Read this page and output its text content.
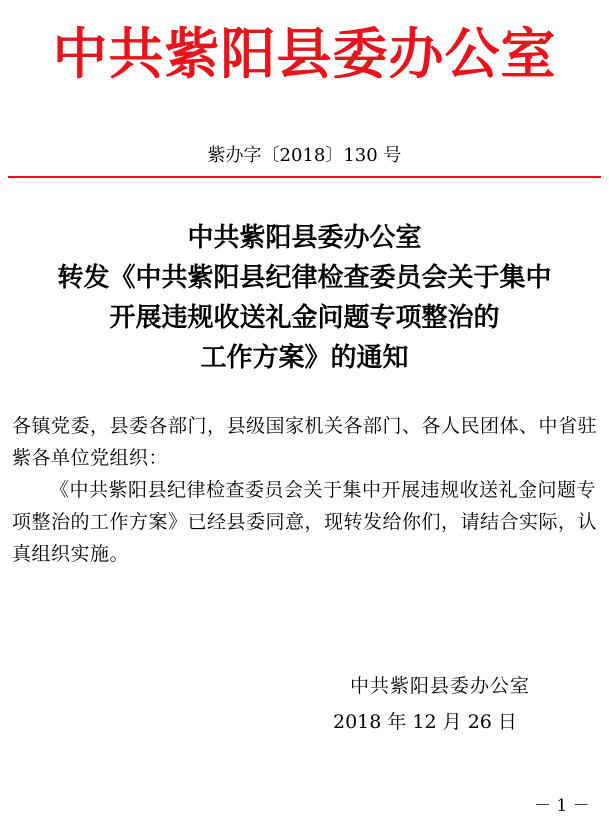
中共紫阳县委办公室
紫办字〔2018〕130 号
中共紫阳县委办公室
转发《中共紫阳县纪律检查委员会关于集中
开展违规收送礼金问题专项整治的
工作方案》的通知
各镇党委，县委各部门，县级国家机关各部门、各人民团体、中省驻紫各单位党组织：
《中共紫阳县纪律检查委员会关于集中开展违规收送礼金问题专项整治的工作方案》已经县委同意，现转发给你们，请结合实际，认真组织实施。
中共紫阳县委办公室
2018 年 12 月 26 日
－ 1 －
